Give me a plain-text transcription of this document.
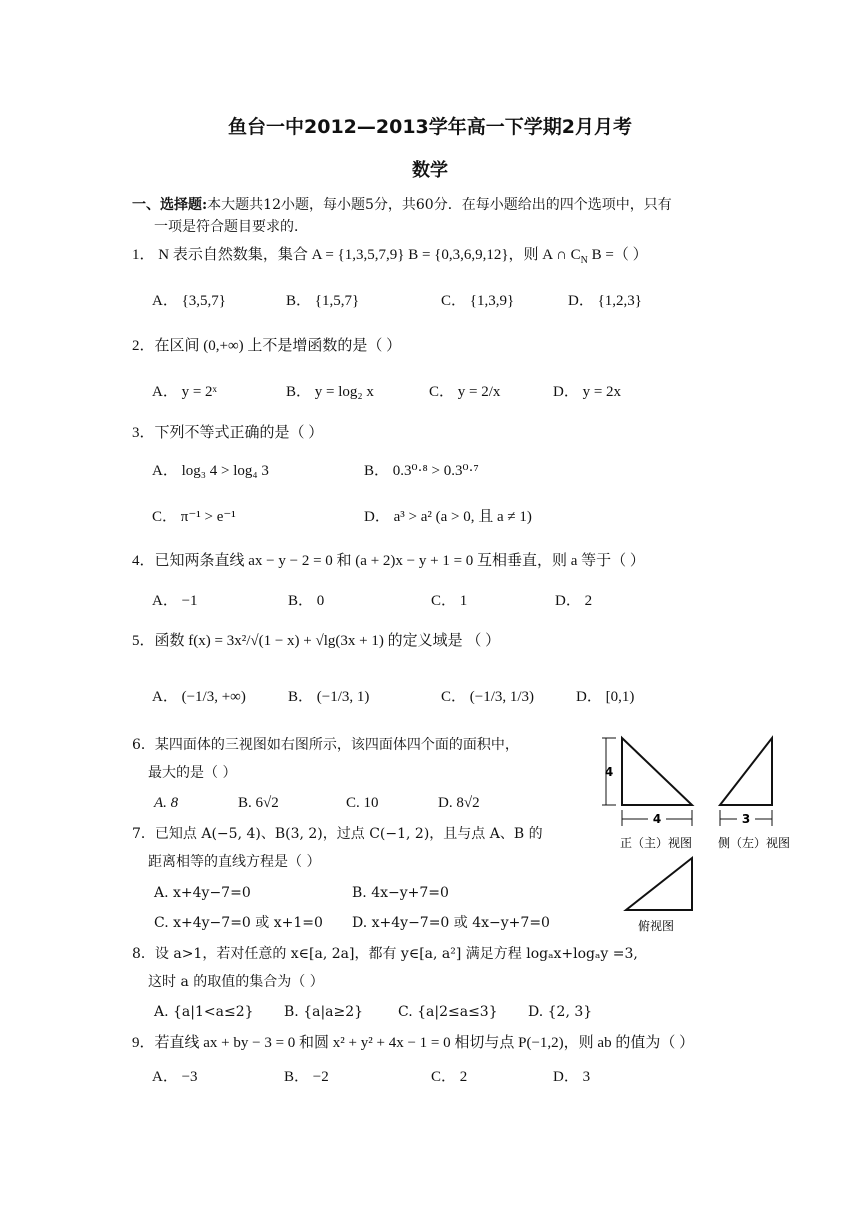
鱼台一中2012—2013学年高一下学期2月月考
数学
一、选择题:本大题共12小题，每小题5分，共60分．在每小题给出的四个选项中，只有
一项是符合题目要求的．
1． N 表示自然数集，集合 A = {1,3,5,7,9} B = {0,3,6,9,12}，则 A ∩ $C_N$ B =（ ）
A． {3,5,7}	B． {1,5,7}	C． {1,3,9}	D． {1,2,3}
2．在区间 (0,+∞) 上不是增函数的是（ ）
A． y = 2ˣ	B． y = log₂ x	C． y = 2/x	D． y = 2x
3．下列不等式正确的是（ ）
A． log₃ 4 > log₄ 3	B． 0.3⁰·⁸ > 0.3⁰·⁷
C． π⁻¹ > e⁻¹	D． a³ > a² (a > 0, 且 a ≠ 1)
4．已知两条直线 ax − y − 2 = 0 和 (a + 2)x − y + 1 = 0 互相垂直，则 a 等于（ ）
A． −1	B． 0	C． 1	D． 2
5．函数 f(x) = 3x²/√(1 − x) + √lg(3x + 1) 的定义域是 （ ）
A． (−1/3, +∞)	B． (−1/3, 1)	C． (−1/3, 1/3)	D． [0,1)
6．某四面体的三视图如右图所示，该四面体四个面的面积中，
最大的是（ ）
A. 8	B. 6√2	C. 10	D. 8√2
7．已知点 A(−5, 4)、B(3, 2)，过点 C(−1, 2)，且与点 A、B 的
距离相等的直线方程是（ ）
A. x+4y−7=0	B. 4x−y+7=0
C. x+4y−7=0 或 x+1=0 D. x+4y−7=0 或 4x−y+7=0
8．设 a>1，若对任意的 x∈[a, 2a]，都有 y∈[a, a²] 满足方程 logₐx+logₐy =3,
这时 a 的取值的集合为（ ）
A. {a|1<a≤2} B. {a|a≥2} C. {a|2≤a≤3} D. {2, 3}
9．若直线 ax + by − 3 = 0 和圆 x² + y² + 4x − 1 = 0 相切与点 P(−1,2)，则 ab 的值为（ ）
A． −3	B． −2	C． 2	D． 3
4
4
正（主）视图
3
侧（左）视图
俯视图
